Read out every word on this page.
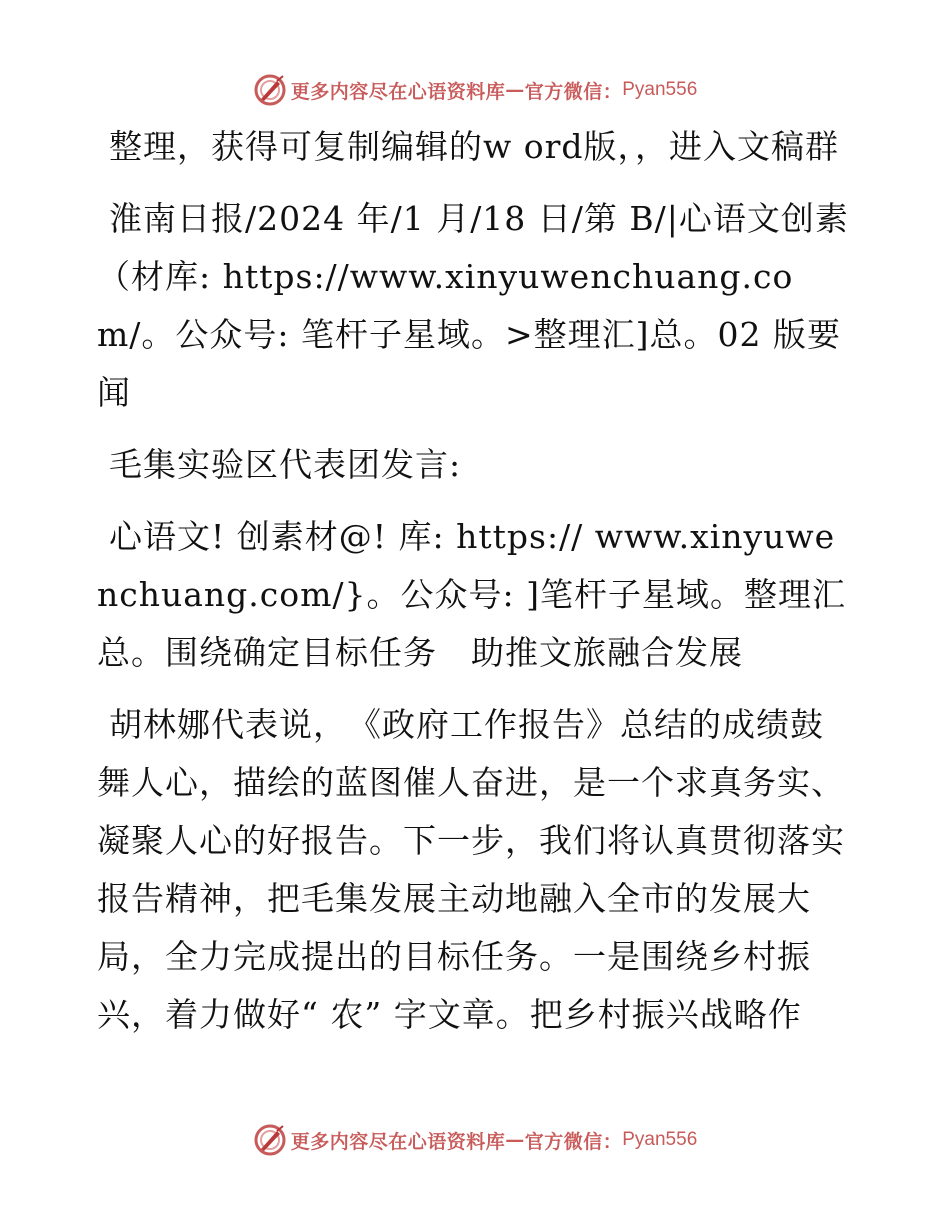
更多内容尽在心语资料库 — 官方微信： Pyan556

整理，获得可复制编辑的w ord版，，进入文稿群

淮南日报/2024 年/1 月/18 日/第 B/|心语文创素（材库: https://www.xinyuwenchuang.com/。公众号: 笔杆子星域。>整理汇]总。02 版要闻

毛集实验区代表团发言:

心语文! 创素材@! 库: https:// www.xinyuwenchuang.com/}。公众号: ]笔杆子星域。整理汇总。围绕确定目标任务　助推文旅融合发展

胡林娜代表说，　《政府工作报告》总结的成绩鼓舞人心，描绘的蓝图催人奋进，是一个求真务实、凝聚人心的好报告。下一步，我们将认真贯彻落实报告精神，把毛集发展主动地融入全市的发展大局，全力完成提出的目标任务。一是围绕乡村振兴，着力做好“ 农” 字文章。把乡村振兴战略作

更多内容尽在心语资料库 — 官方微信： Pyan556
